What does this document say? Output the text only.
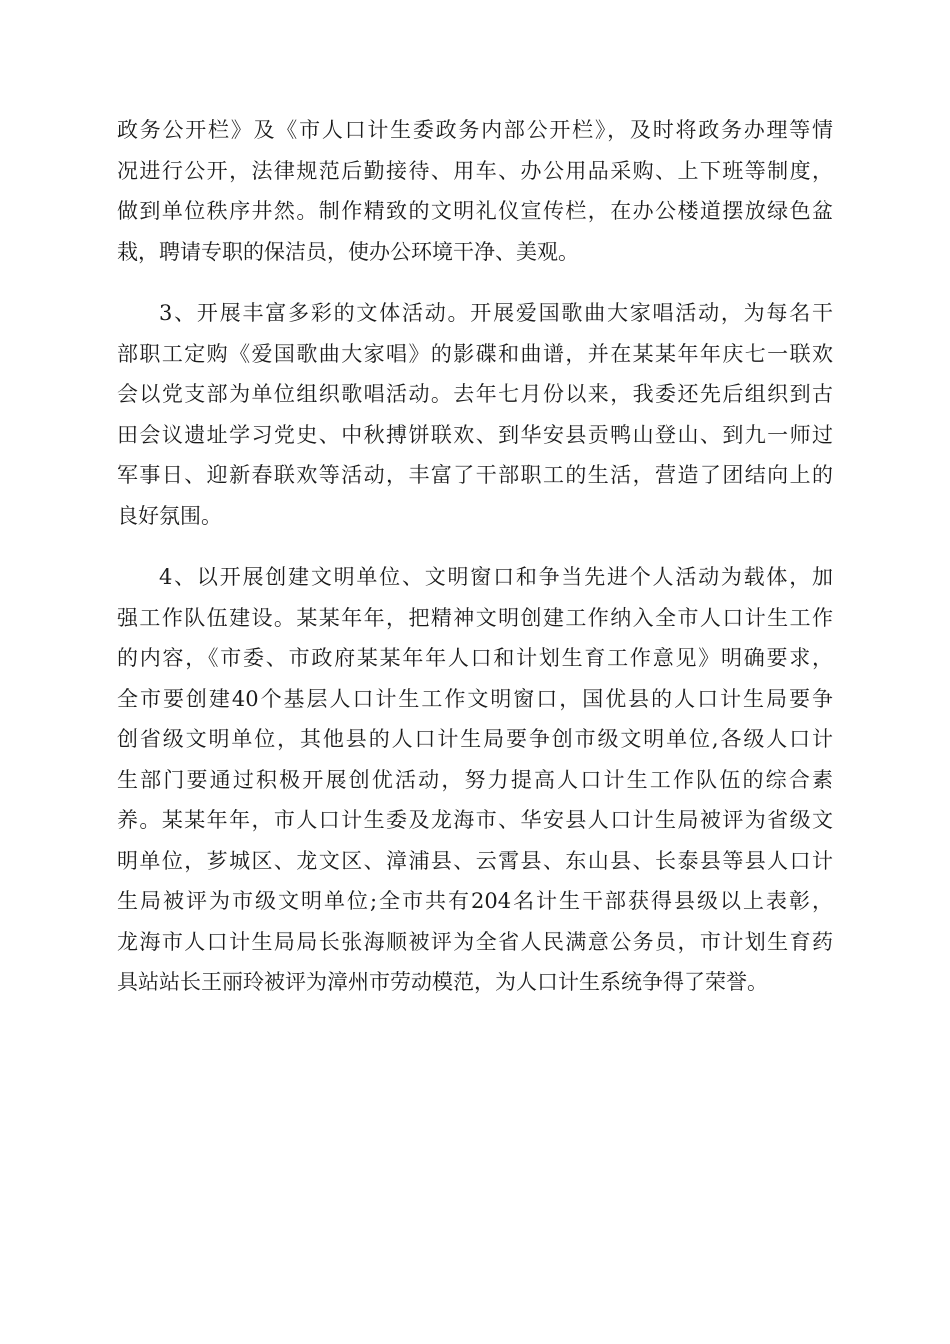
政务公开栏》及《市人口计生委政务内部公开栏》，及时将政务办理等情
况进行公开，法律规范后勤接待、用车、办公用品采购、上下班等制度，
做到单位秩序井然。制作精致的文明礼仪宣传栏，在办公楼道摆放绿色盆
栽，聘请专职的保洁员，使办公环境干净、美观。
3、开展丰富多彩的文体活动。开展爱国歌曲大家唱活动，为每名干
部职工定购《爱国歌曲大家唱》的影碟和曲谱，并在某某年年庆七一联欢
会以党支部为单位组织歌唱活动。去年七月份以来，我委还先后组织到古
田会议遗址学习党史、中秋搏饼联欢、到华安县贡鸭山登山、到九一师过
军事日、迎新春联欢等活动，丰富了干部职工的生活，营造了团结向上的
良好氛围。
4、以开展创建文明单位、文明窗口和争当先进个人活动为载体，加
强工作队伍建设。某某年年，把精神文明创建工作纳入全市人口计生工作
的内容，《市委、市政府某某年年人口和计划生育工作意见》明确要求，
全市要创建40个基层人口计生工作文明窗口，国优县的人口计生局要争
创省级文明单位，其他县的人口计生局要争创市级文明单位,各级人口计
生部门要通过积极开展创优活动，努力提高人口计生工作队伍的综合素
养。某某年年，市人口计生委及龙海市、华安县人口计生局被评为省级文
明单位，芗城区、龙文区、漳浦县、云霄县、东山县、长泰县等县人口计
生局被评为市级文明单位;全市共有204名计生干部获得县级以上表彰，
龙海市人口计生局局长张海顺被评为全省人民满意公务员，市计划生育药
具站站长王丽玲被评为漳州市劳动模范，为人口计生系统争得了荣誉。
